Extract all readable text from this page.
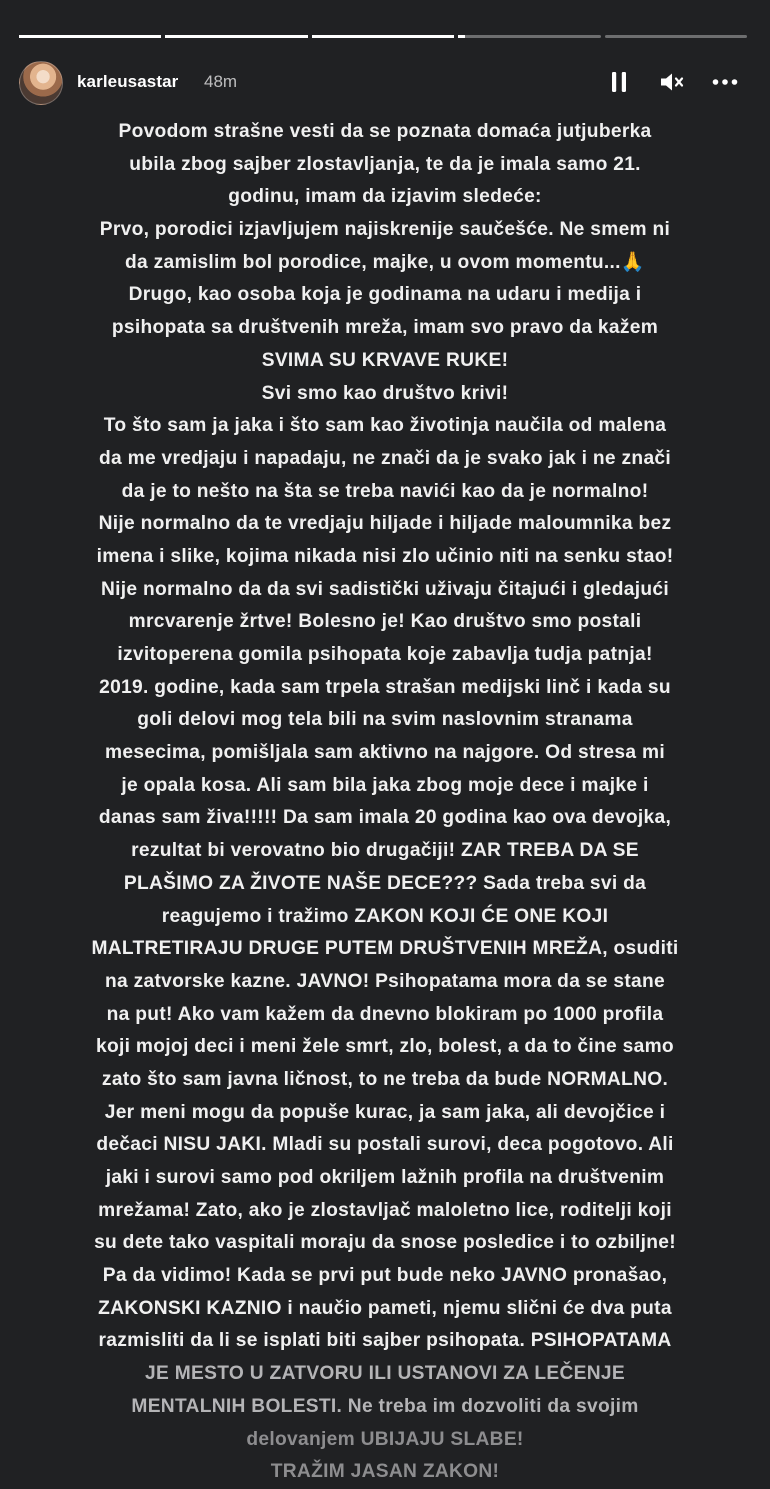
karleusastar 48m
Povodom strašne vesti da se poznata domaća jutjuberka
ubila zbog sajber zlostavljanja, te da je imala samo 21.
godinu, imam da izjavim sledeće:
Prvo, porodici izjavljujem najiskrenije saučešće. Ne smem ni
da zamislim bol porodice, majke, u ovom momentu...🙏
Drugo, kao osoba koja je godinama na udaru i medija i
psihopata sa društvenih mreža, imam svo pravo da kažem
SVIMA SU KRVAVE RUKE!
Svi smo kao društvo krivi!
To što sam ja jaka i što sam kao životinja naučila od malena
da me vredjaju i napadaju, ne znači da je svako jak i ne znači
da je to nešto na šta se treba navići kao da je normalno!
Nije normalno da te vredjaju hiljade i hiljade maloumnika bez
imena i slike, kojima nikada nisi zlo učinio niti na senku stao!
Nije normalno da da svi sadistički uživaju čitajući i gledajući
mrcvarenje žrtve! Bolesno je! Kao društvo smo postali
izvitoperena gomila psihopata koje zabavlja tudja patnja!
2019. godine, kada sam trpela strašan medijski linč i kada su
goli delovi mog tela bili na svim naslovnim stranama
mesecima, pomišljala sam aktivno na najgore. Od stresa mi
je opala kosa. Ali sam bila jaka zbog moje dece i majke i
danas sam živa!!!!! Da sam imala 20 godina kao ova devojka,
rezultat bi verovatno bio drugačiji! ZAR TREBA DA SE
PLAŠIMO ZA ŽIVOTE NAŠE DECE??? Sada treba svi da
reagujemo i tražimo ZAKON KOJI ĆE ONE KOJI
MALTRETIRAJU DRUGE PUTEM DRUŠTVENIH MREŽA, osuditi
na zatvorske kazne. JAVNO! Psihopatama mora da se stane
na put! Ako vam kažem da dnevno blokiram po 1000 profila
koji mojoj deci i meni žele smrt, zlo, bolest, a da to čine samo
zato što sam javna ličnost, to ne treba da bude NORMALNO.
Jer meni mogu da popuše kurac, ja sam jaka, ali devojčice i
dečaci NISU JAKI. Mladi su postali surovi, deca pogotovo. Ali
jaki i surovi samo pod okriljem lažnih profila na društvenim
mrežama! Zato, ako je zlostavljač maloletno lice, roditelji koji
su dete tako vaspitali moraju da snose posledice i to ozbiljne!
Pa da vidimo! Kada se prvi put bude neko JAVNO pronašao,
ZAKONSKI KAZNIO i naučio pameti, njemu slični će dva puta
razmisliti da li se isplati biti sajber psihopata. PSIHOPATAMA
JE MESTO U ZATVORU ILI USTANOVI ZA LEČENJE
MENTALNIH BOLESTI. Ne treba im dozvoliti da svojim
delovanjem UBIJAJU SLABE!
TRAŽIM JASAN ZAKON!
